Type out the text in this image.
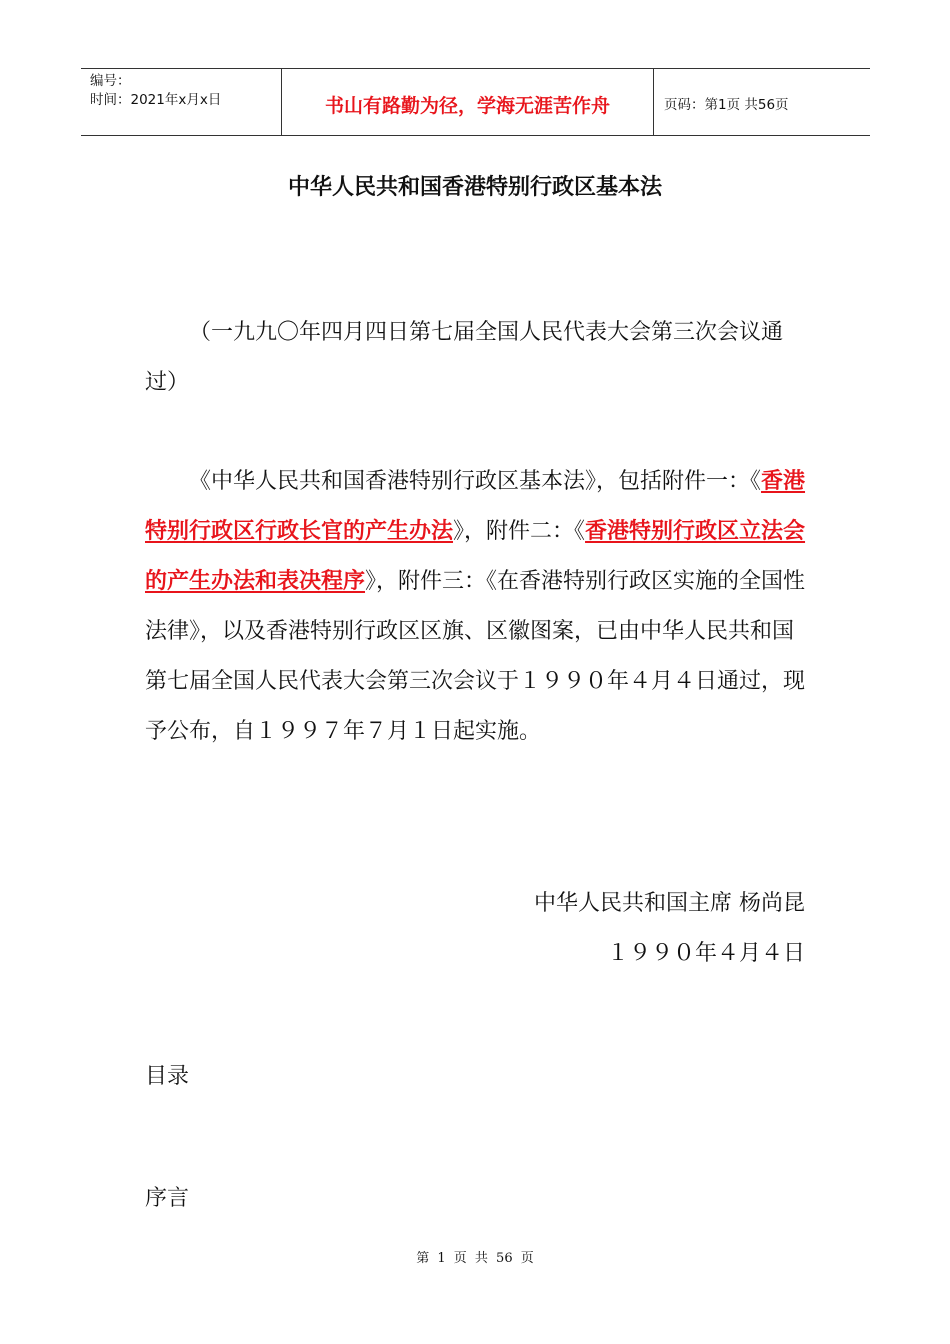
编号：
时间：2021年x月x日	书山有路勤为径，学海无涯苦作舟	页码：第1页 共56页
中华人民共和国香港特别行政区基本法

（一九九〇年四月四日第七届全国人民代表大会第三次会议通过）

《中华人民共和国香港特别行政区基本法》，包括附件一：《香港特别行政区行政长官的产生办法》，附件二：《香港特别行政区立法会的产生办法和表决程序》，附件三：《在香港特别行政区实施的全国性法律》，以及香港特别行政区区旗、区徽图案，已由中华人民共和国第七届全国人民代表大会第三次会议于１９９０年４月４日通过，现予公布，自１９９７年７月１日起实施。

中华人民共和国主席 杨尚昆
１９９０年４月４日
目录
序言
第 1 页 共 56 页
